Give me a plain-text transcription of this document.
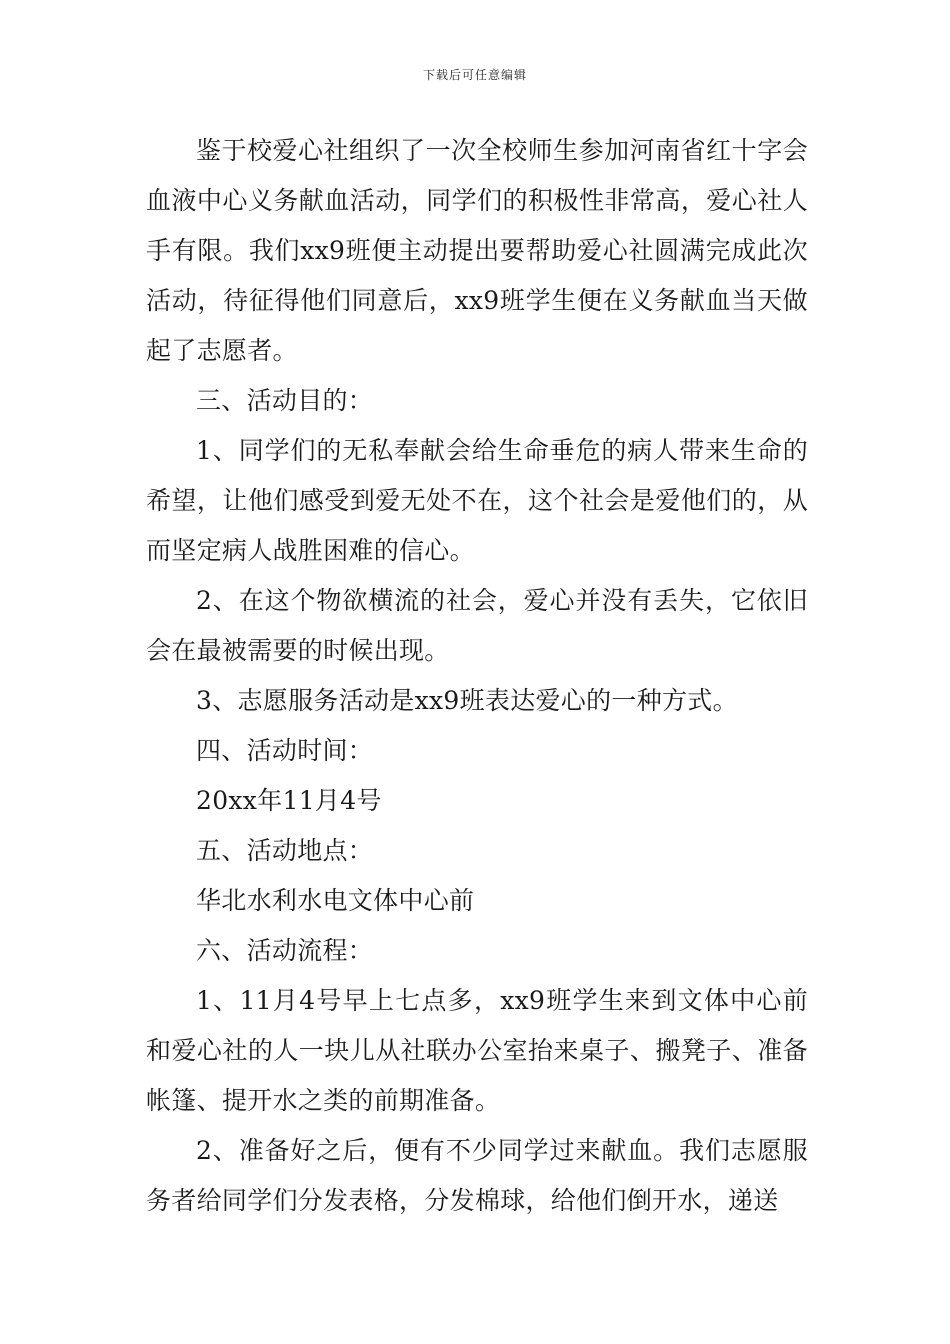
下载后可任意编辑

鉴于校爱心社组织了一次全校师生参加河南省红十字会血液中心义务献血活动，同学们的积极性非常高，爱心社人手有限。我们xx9班便主动提出要帮助爱心社圆满完成此次活动，待征得他们同意后，xx9班学生便在义务献血当天做起了志愿者。

三、活动目的：

1、同学们的无私奉献会给生命垂危的病人带来生命的希望，让他们感受到爱无处不在，这个社会是爱他们的，从而坚定病人战胜困难的信心。

2、在这个物欲横流的社会，爱心并没有丢失，它依旧会在最被需要的时候出现。

3、志愿服务活动是xx9班表达爱心的一种方式。

四、活动时间：

20xx年11月4号

五、活动地点：

华北水利水电文体中心前

六、活动流程：

1、11月4号早上七点多，xx9班学生来到文体中心前和爱心社的人一块儿从社联办公室抬来桌子、搬凳子、准备帐篷、提开水之类的前期准备。

2、准备好之后，便有不少同学过来献血。我们志愿服务者给同学们分发表格，分发棉球，给他们倒开水，递送
